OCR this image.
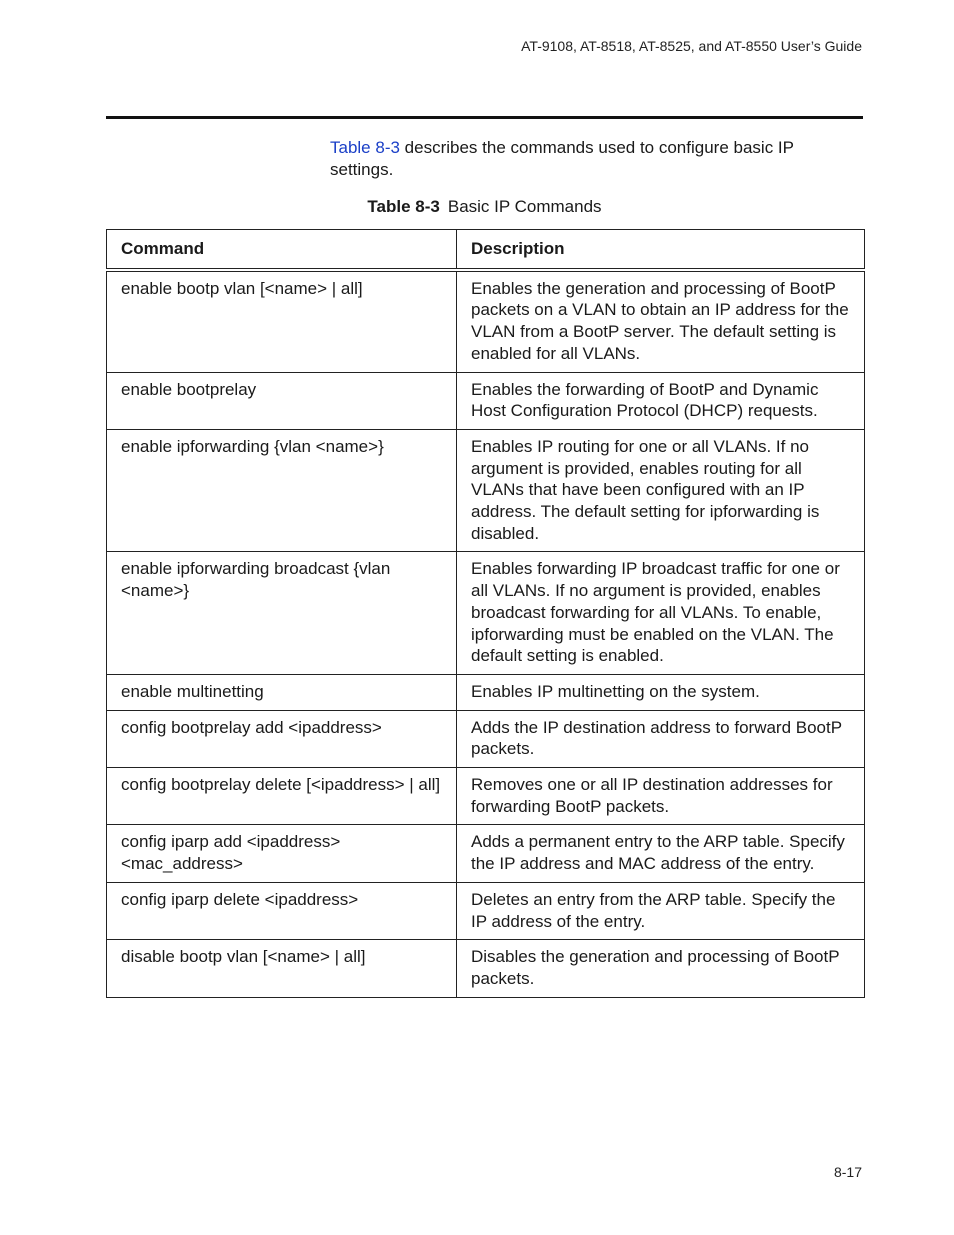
AT-9108, AT-8518, AT-8525, and AT-8550 User’s Guide

Table 8-3 describes the commands used to configure basic IP settings.

Table 8-3 Basic IP Commands

Command	Description
enable bootp vlan [<name> | all]	Enables the generation and processing of BootP packets on a VLAN to obtain an IP address for the VLAN from a BootP server. The default setting is enabled for all VLANs.
enable bootprelay	Enables the forwarding of BootP and Dynamic Host Configuration Protocol (DHCP) requests.
enable ipforwarding {vlan <name>}	Enables IP routing for one or all VLANs. If no argument is provided, enables routing for all VLANs that have been configured with an IP address. The default setting for ipforwarding is disabled.
enable ipforwarding broadcast {vlan <name>}	Enables forwarding IP broadcast traffic for one or all VLANs. If no argument is provided, enables broadcast forwarding for all VLANs. To enable, ipforwarding must be enabled on the VLAN. The default setting is enabled.
enable multinetting	Enables IP multinetting on the system.
config bootprelay add <ipaddress>	Adds the IP destination address to forward BootP packets.
config bootprelay delete [<ipaddress> | all]	Removes one or all IP destination addresses for forwarding BootP packets.
config iparp add <ipaddress> <mac_address>	Adds a permanent entry to the ARP table. Specify the IP address and MAC address of the entry.
config iparp delete <ipaddress>	Deletes an entry from the ARP table. Specify the IP address of the entry.
disable bootp vlan [<name> | all]	Disables the generation and processing of BootP packets.
8-17
